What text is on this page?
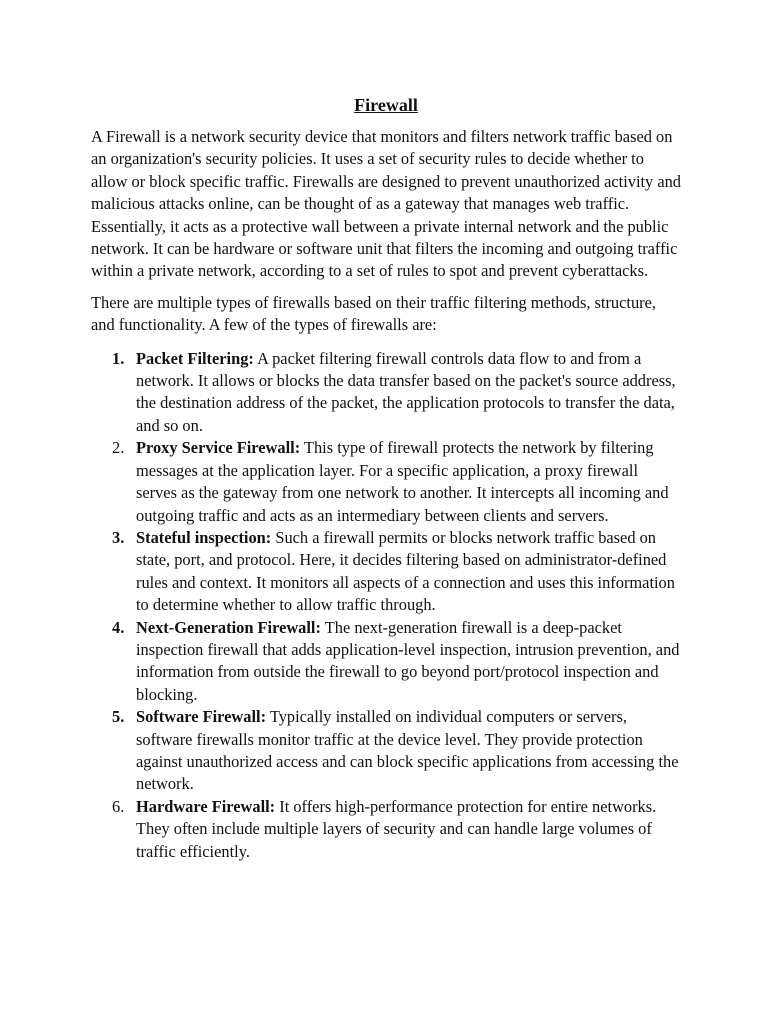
Firewall

A Firewall is a network security device that monitors and filters network traffic based on an organization's security policies. It uses a set of security rules to decide whether to allow or block specific traffic. Firewalls are designed to prevent unauthorized activity and malicious attacks online, can be thought of as a gateway that manages web traffic. Essentially, it acts as a protective wall between a private internal network and the public network. It can be hardware or software unit that filters the incoming and outgoing traffic within a private network, according to a set of rules to spot and prevent cyberattacks.

There are multiple types of firewalls based on their traffic filtering methods, structure, and functionality. A few of the types of firewalls are:

1. Packet Filtering: A packet filtering firewall controls data flow to and from a network. It allows or blocks the data transfer based on the packet's source address, the destination address of the packet, the application protocols to transfer the data, and so on.
2. Proxy Service Firewall: This type of firewall protects the network by filtering messages at the application layer. For a specific application, a proxy firewall serves as the gateway from one network to another. It intercepts all incoming and outgoing traffic and acts as an intermediary between clients and servers.
3. Stateful inspection: Such a firewall permits or blocks network traffic based on state, port, and protocol. Here, it decides filtering based on administrator-defined rules and context. It monitors all aspects of a connection and uses this information to determine whether to allow traffic through.
4. Next-Generation Firewall: The next-generation firewall is a deep-packet inspection firewall that adds application-level inspection, intrusion prevention, and information from outside the firewall to go beyond port/protocol inspection and blocking.
5. Software Firewall: Typically installed on individual computers or servers, software firewalls monitor traffic at the device level. They provide protection against unauthorized access and can block specific applications from accessing the network.
6. Hardware Firewall: It offers high-performance protection for entire networks. They often include multiple layers of security and can handle large volumes of traffic efficiently.
